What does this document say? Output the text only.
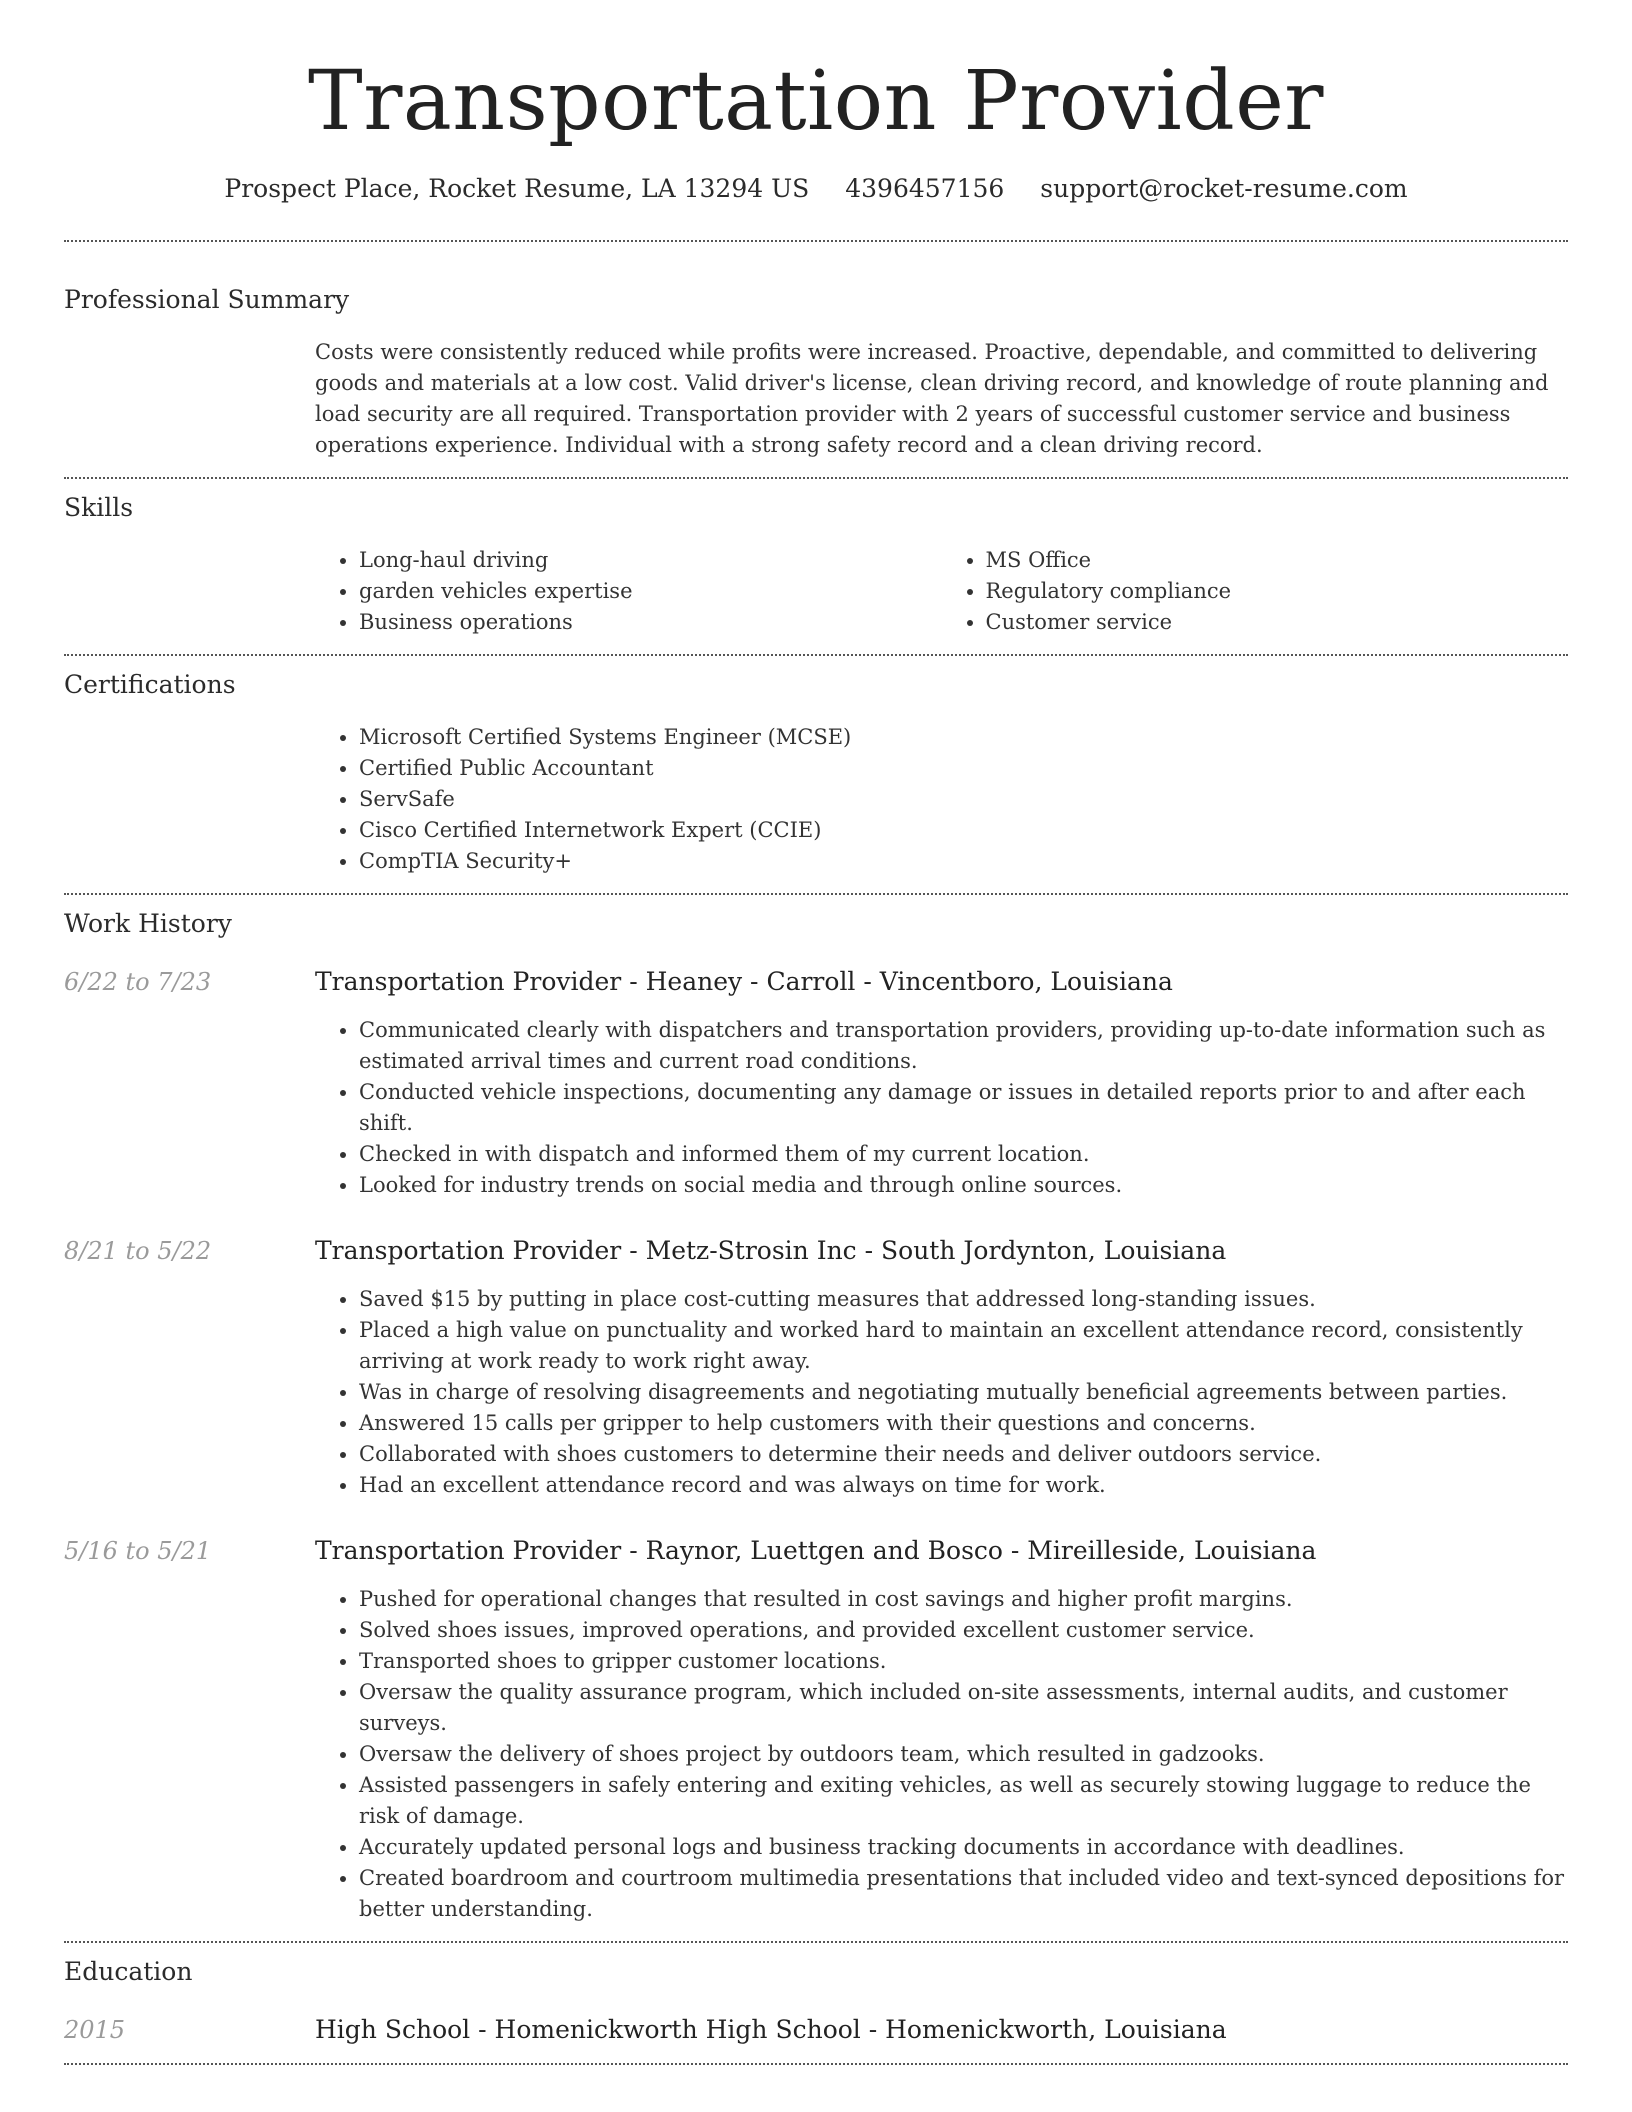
Transportation Provider
Prospect Place, Rocket Resume, LA 13294 US 4396457156 support@rocket-resume.com
Professional Summary
Costs were consistently reduced while profits were increased. Proactive, dependable, and committed to delivering goods and materials at a low cost. Valid driver's license, clean driving record, and knowledge of route planning and load security are all required. Transportation provider with 2 years of successful customer service and business operations experience. Individual with a strong safety record and a clean driving record.
Skills
• Long-haul driving
• garden vehicles expertise
• Business operations
• MS Office
• Regulatory compliance
• Customer service
Certifications
• Microsoft Certified Systems Engineer (MCSE)
• Certified Public Accountant
• ServSafe
• Cisco Certified Internetwork Expert (CCIE)
• CompTIA Security+
Work History
6/22 to 7/23	Transportation Provider - Heaney - Carroll - Vincentboro, Louisiana
• Communicated clearly with dispatchers and transportation providers, providing up-to-date information such as estimated arrival times and current road conditions.
• Conducted vehicle inspections, documenting any damage or issues in detailed reports prior to and after each shift.
• Checked in with dispatch and informed them of my current location.
• Looked for industry trends on social media and through online sources.
8/21 to 5/22	Transportation Provider - Metz-Strosin Inc - South Jordynton, Louisiana
• Saved $15 by putting in place cost-cutting measures that addressed long-standing issues.
• Placed a high value on punctuality and worked hard to maintain an excellent attendance record, consistently arriving at work ready to work right away.
• Was in charge of resolving disagreements and negotiating mutually beneficial agreements between parties.
• Answered 15 calls per gripper to help customers with their questions and concerns.
• Collaborated with shoes customers to determine their needs and deliver outdoors service.
• Had an excellent attendance record and was always on time for work.
5/16 to 5/21	Transportation Provider - Raynor, Luettgen and Bosco - Mireilleside, Louisiana
• Pushed for operational changes that resulted in cost savings and higher profit margins.
• Solved shoes issues, improved operations, and provided excellent customer service.
• Transported shoes to gripper customer locations.
• Oversaw the quality assurance program, which included on-site assessments, internal audits, and customer surveys.
• Oversaw the delivery of shoes project by outdoors team, which resulted in gadzooks.
• Assisted passengers in safely entering and exiting vehicles, as well as securely stowing luggage to reduce the risk of damage.
• Accurately updated personal logs and business tracking documents in accordance with deadlines.
• Created boardroom and courtroom multimedia presentations that included video and text-synced depositions for better understanding.
Education
2015	High School - Homenickworth High School - Homenickworth, Louisiana
